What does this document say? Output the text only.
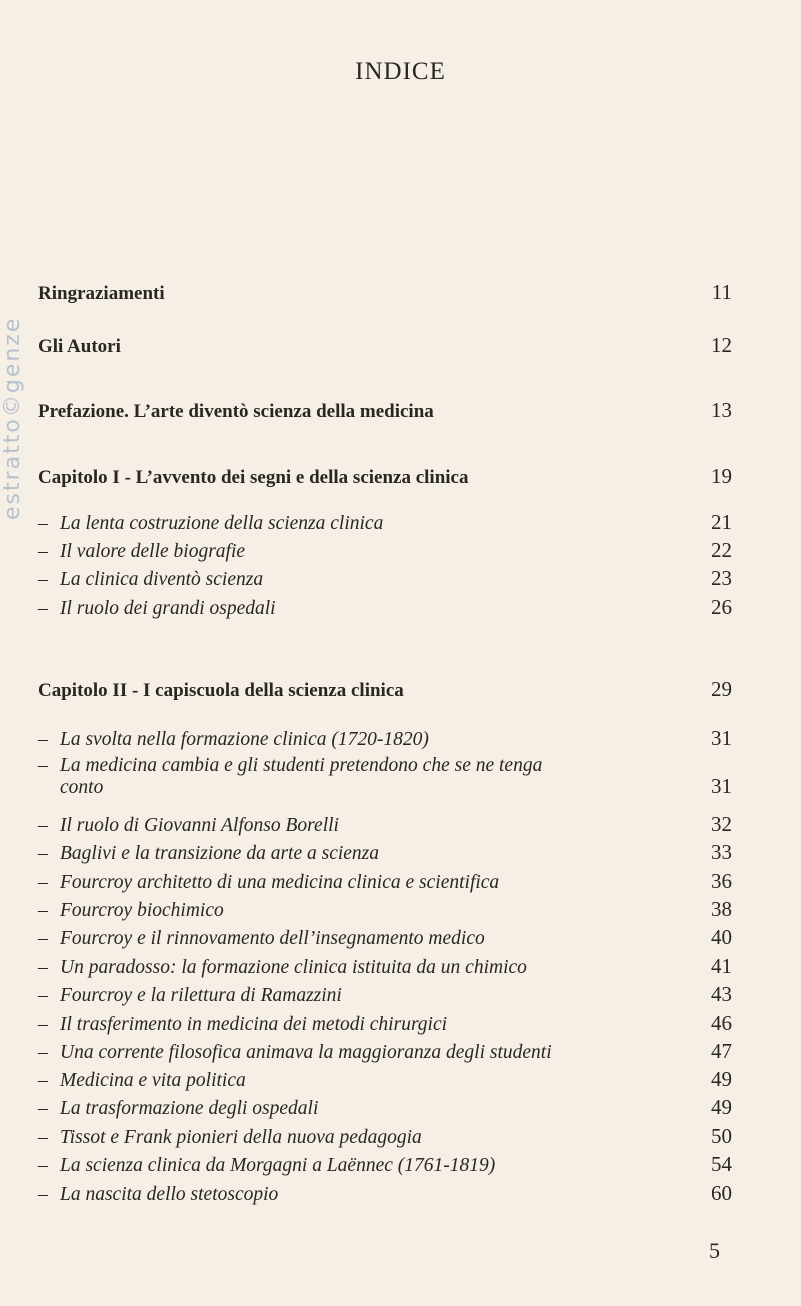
estratto©genze
INDICE
Ringraziamenti	11
Gli Autori	12
Prefazione. L’arte diventò scienza della medicina	13
Capitolo I - L’avvento dei segni e della scienza clinica	19
– La lenta costruzione della scienza clinica	21
– Il valore delle biografie	22
– La clinica diventò scienza	23
– Il ruolo dei grandi ospedali	26
Capitolo II - I capiscuola della scienza clinica	29
– La svolta nella formazione clinica (1720-1820)	31
– La medicina cambia e gli studenti pretendono che se ne tenga
conto	31
– Il ruolo di Giovanni Alfonso Borelli	32
– Baglivi e la transizione da arte a scienza	33
– Fourcroy architetto di una medicina clinica e scientifica	36
– Fourcroy biochimico	38
– Fourcroy e il rinnovamento dell’insegnamento medico	40
– Un paradosso: la formazione clinica istituita da un chimico	41
– Fourcroy e la rilettura di Ramazzini	43
– Il trasferimento in medicina dei metodi chirurgici	46
– Una corrente filosofica animava la maggioranza degli studenti	47
– Medicina e vita politica	49
– La trasformazione degli ospedali	49
– Tissot e Frank pionieri della nuova pedagogia	50
– La scienza clinica da Morgagni a Laënnec (1761-1819)	54
– La nascita dello stetoscopio	60
5
